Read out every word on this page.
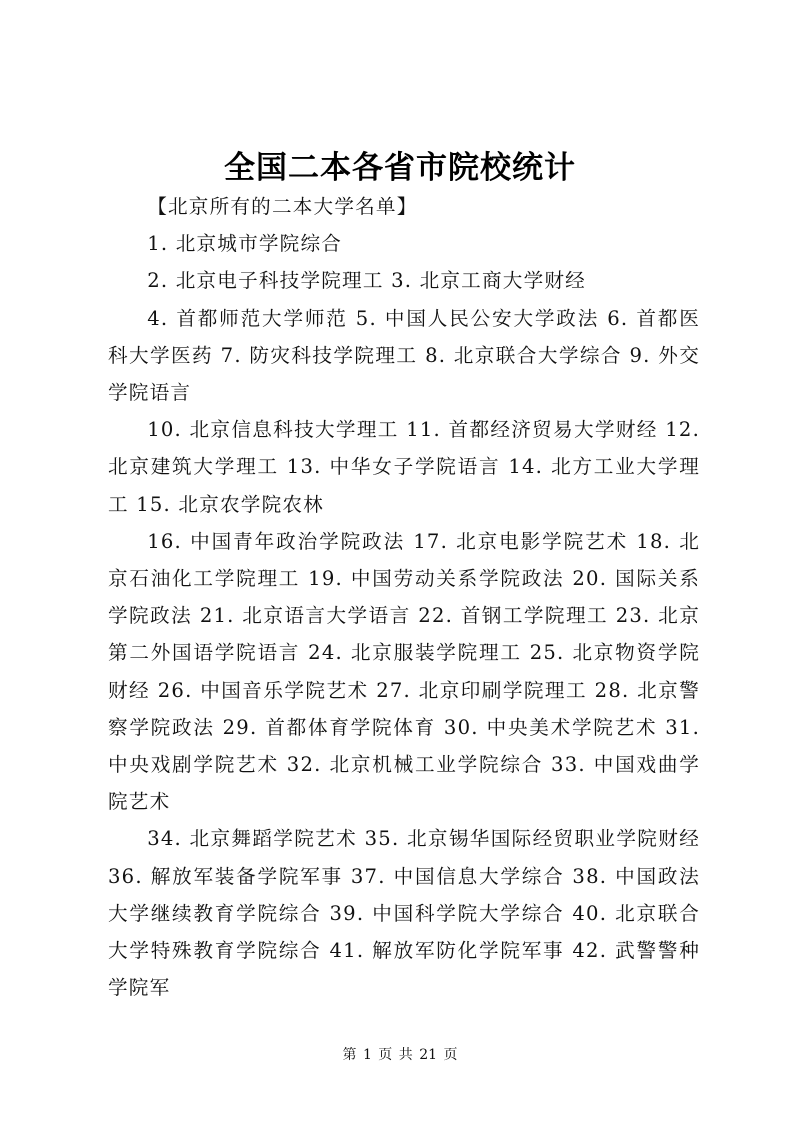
全国二本各省市院校统计

【北京所有的二本大学名单】

1. 北京城市学院综合

2. 北京电子科技学院理工 3. 北京工商大学财经

4. 首都师范大学师范 5. 中国人民公安大学政法 6. 首都医科大学医药 7. 防灾科技学院理工 8. 北京联合大学综合 9. 外交学院语言

10. 北京信息科技大学理工 11. 首都经济贸易大学财经 12. 北京建筑大学理工 13. 中华女子学院语言 14. 北方工业大学理工 15. 北京农学院农林

16. 中国青年政治学院政法 17. 北京电影学院艺术 18. 北京石油化工学院理工 19. 中国劳动关系学院政法 20. 国际关系学院政法 21. 北京语言大学语言 22. 首钢工学院理工 23. 北京第二外国语学院语言 24. 北京服装学院理工 25. 北京物资学院财经 26. 中国音乐学院艺术 27. 北京印刷学院理工 28. 北京警察学院政法 29. 首都体育学院体育 30. 中央美术学院艺术 31. 中央戏剧学院艺术 32. 北京机械工业学院综合 33. 中国戏曲学院艺术

34. 北京舞蹈学院艺术 35. 北京锡华国际经贸职业学院财经 36. 解放军装备学院军事 37. 中国信息大学综合 38. 中国政法大学继续教育学院综合 39. 中国科学院大学综合 40. 北京联合大学特殊教育学院综合 41. 解放军防化学院军事 42. 武警警种学院军

第 1 页 共 21 页
